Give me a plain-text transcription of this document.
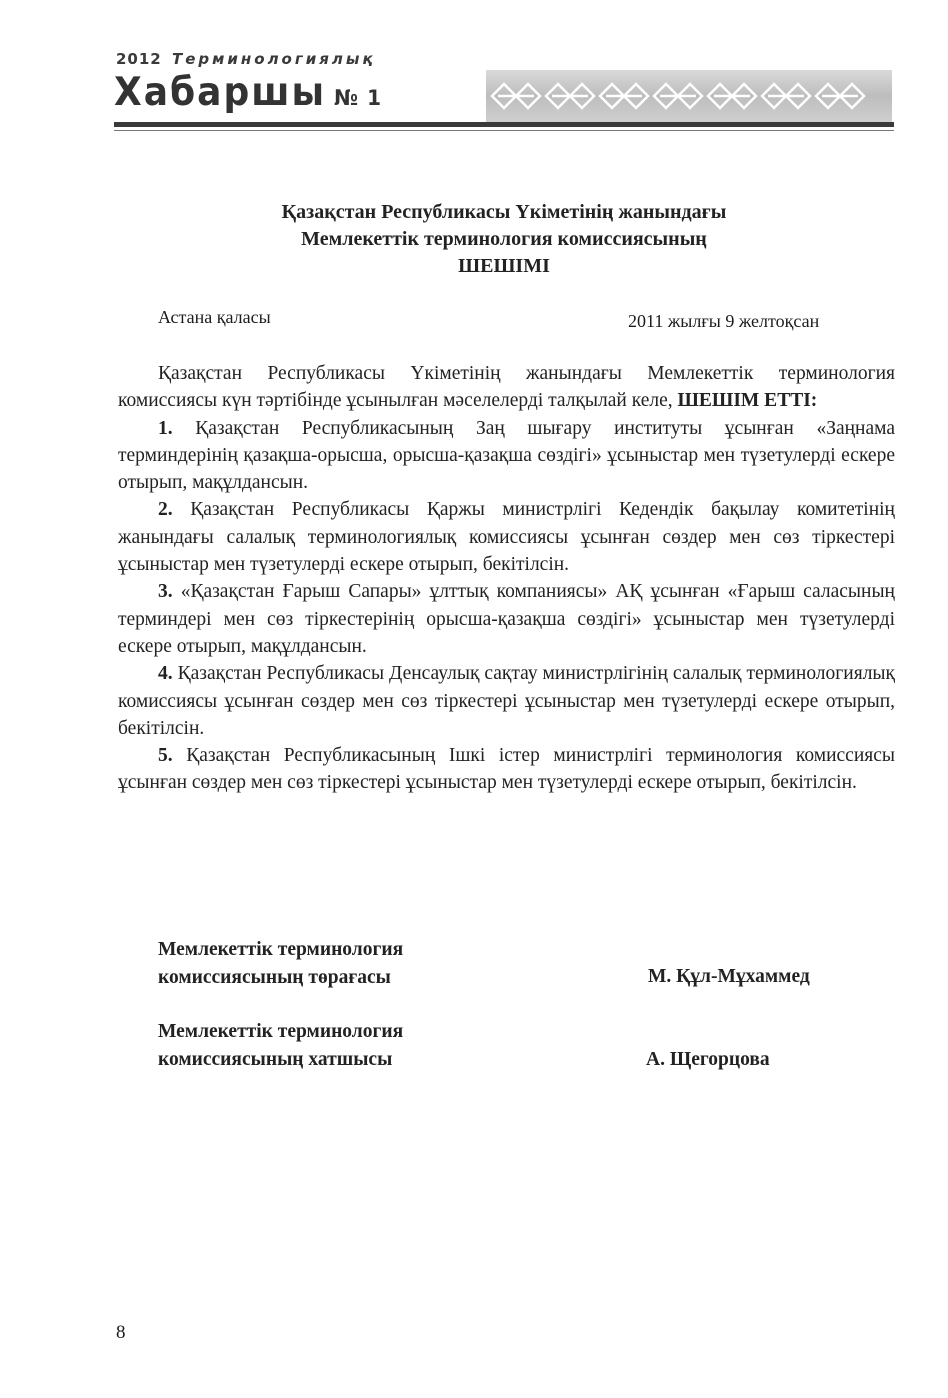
2012 Терминологиялық
Хабаршы № 1
Қазақстан Республикасы Үкіметінің жанындағы
Мемлекеттік терминология комиссиясының
ШЕШІМІ
Астана қаласы	2011 жылғы 9 желтоқсан

Қазақстан Республикасы Үкіметінің жанындағы Мемлекеттік терминология комиссиясы күн тәртібінде ұсынылған мәселелерді талқылай келе, ШЕШІМ ЕТТІ:

1. Қазақстан Республикасының Заң шығару институты ұсынған «Заңнама терминдерінің қазақша-орысша, орысша-қазақша сөздігі» ұсыныстар мен түзетулерді ескере отырып, мақұлдансын.

2. Қазақстан Республикасы Қаржы министрлігі Кедендік бақылау комитетінің жанындағы салалық терминологиялық комиссиясы ұсынған сөздер мен сөз тіркестері ұсыныстар мен түзетулерді ескере отырып, бекітілсін.

3. «Қазақстан Ғарыш Сапары» ұлттық компаниясы» АҚ ұсынған «Ғарыш саласының терминдері мен сөз тіркестерінің орысша-қазақша сөздігі» ұсыныстар мен түзетулерді ескере отырып, мақұлдансын.

4. Қазақстан Республикасы Денсаулық сақтау министрлігінің салалық терминологиялық комиссиясы ұсынған сөздер мен сөз тіркестері ұсыныстар мен түзетулерді ескере отырып, бекітілсін.

5. Қазақстан Республикасының Ішкі істер министрлігі терминология комиссиясы ұсынған сөздер мен сөз тіркестері ұсыныстар мен түзетулерді ескере отырып, бекітілсін.

Мемлекеттік терминология
комиссиясының төрағасы	М. Құл-Мұхаммед
Мемлекеттік терминология
комиссиясының хатшысы	А. Щегорцова
8
